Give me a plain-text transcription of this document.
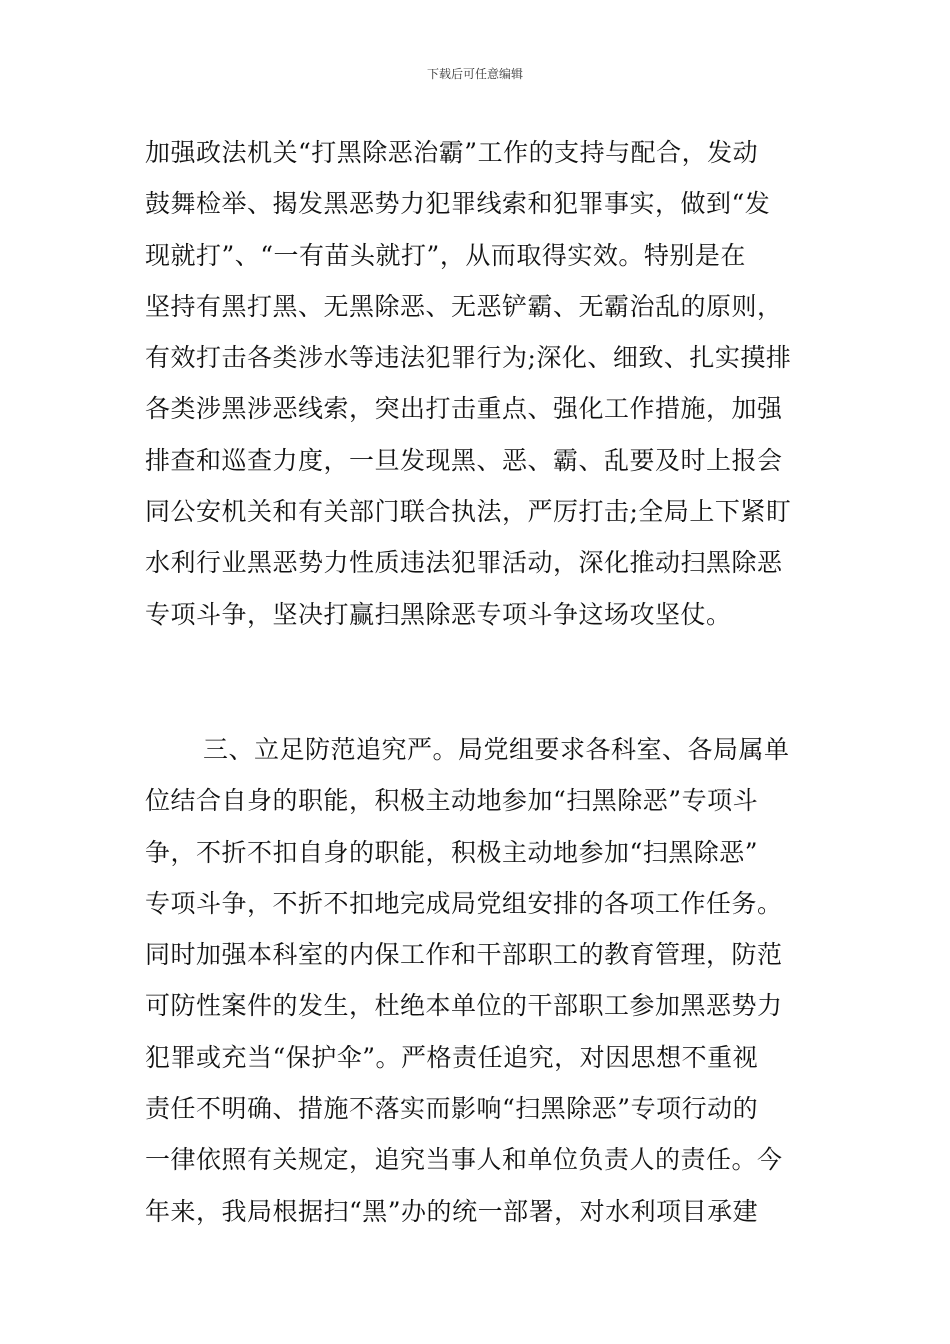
下载后可任意编辑
加强政法机关“打黑除恶治霸”工作的支持与配合，发动
鼓舞检举、揭发黑恶势力犯罪线索和犯罪事实，做到“发
现就打”、“一有苗头就打”，从而取得实效。特别是在
坚持有黑打黑、无黑除恶、无恶铲霸、无霸治乱的原则，
有效打击各类涉水等违法犯罪行为;深化、细致、扎实摸排
各类涉黑涉恶线索，突出打击重点、强化工作措施，加强
排查和巡查力度，一旦发现黑、恶、霸、乱要及时上报会
同公安机关和有关部门联合执法，严厉打击;全局上下紧盯
水利行业黑恶势力性质违法犯罪活动，深化推动扫黑除恶
专项斗争，坚决打赢扫黑除恶专项斗争这场攻坚仗。
三、立足防范追究严。局党组要求各科室、各局属单
位结合自身的职能，积极主动地参加“扫黑除恶”专项斗
争，不折不扣自身的职能，积极主动地参加“扫黑除恶”
专项斗争，不折不扣地完成局党组安排的各项工作任务。
同时加强本科室的内保工作和干部职工的教育管理，防范
可防性案件的发生，杜绝本单位的干部职工参加黑恶势力
犯罪或充当“保护伞”。严格责任追究，对因思想不重视
责任不明确、措施不落实而影响“扫黑除恶”专项行动的
一律依照有关规定，追究当事人和单位负责人的责任。今
年来，我局根据扫“黑”办的统一部署，对水利项目承建
